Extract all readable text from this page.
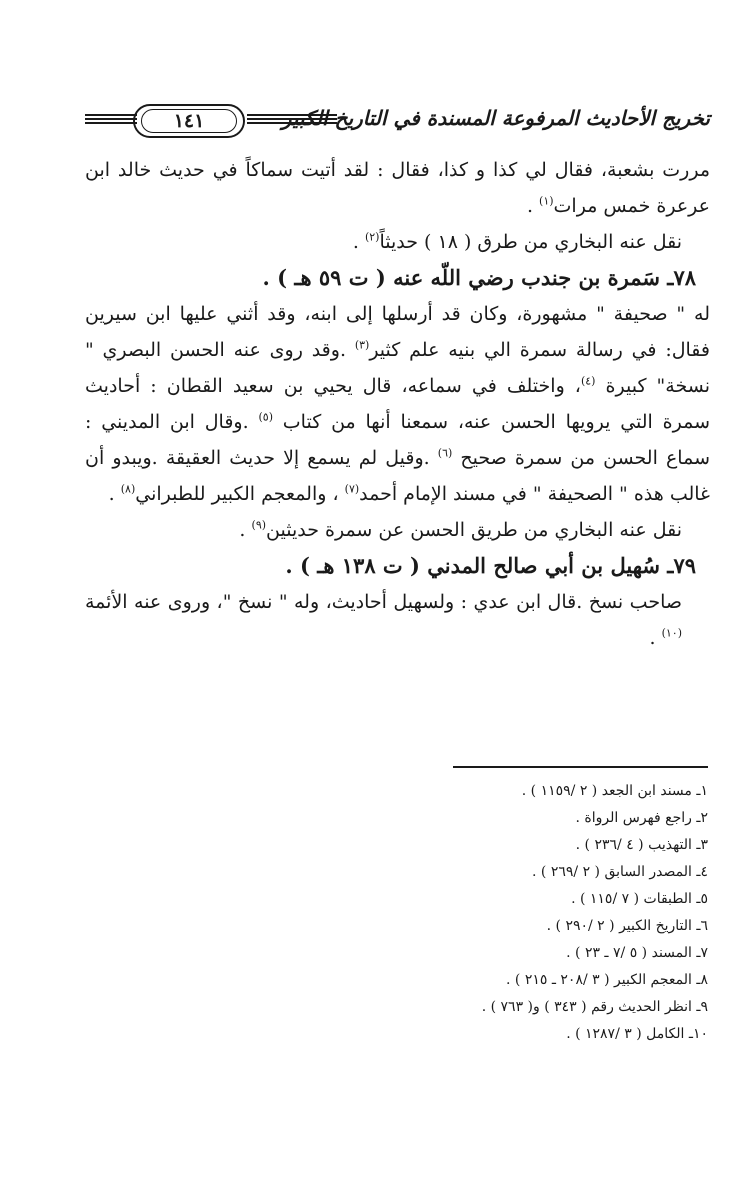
١٤١	تخريج الأحاديث المرفوعة المسندة في التاريخ الكبير

مررت بشعبة، فقال لي كذا و كذا، فقال : لقد أتيت سماكاً في حديث خالد ابن عرعرة خمس مرات$^{(١)}$ .

نقل عنه البخاري من طرق ( ١٨ ) حديثاً$^{(٢)}$ .

٧٨ـ سَمرة بن جندب رضي اللّه عنه ( ت ٥٩ هـ ) .

له " صحيفة " مشهورة، وكان قد أرسلها إلى ابنه، وقد أثني عليها ابن سيرين فقال: في رسالة سمرة الي بنيه علم كثير$^{(٣)}$ .وقد روى عنه الحسن البصري " نسخة" كبيرة $^{(٤)}$، واختلف في سماعه، قال يحيي بن سعيد القطان : أحاديث سمرة التي يرويها الحسن عنه، سمعنا أنها من كتاب $^{(٥)}$ .وقال ابن المديني : سماع الحسن من سمرة صحيح $^{(٦)}$ .وقيل لم يسمع إلا حديث العقيقة .ويبدو أن غالب هذه " الصحيفة " في مسند الإمام أحمد$^{(٧)}$ ، والمعجم الكبير للطبراني$^{(٨)}$ .

نقل عنه البخاري من طريق الحسن عن سمرة حديثين$^{(٩)}$ .

٧٩ـ سُهيل بن أبي صالح المدني ( ت ١٣٨ هـ ) .

صاحب نسخ .قال ابن عدي : ولسهيل أحاديث، وله " نسخ "، وروى عنه الأئمة $^{(١٠)}$ .

١ـ مسند ابن الجعد ( ٢ /١١٥٩ ) .
٢ـ راجع فهرس الرواة .
٣ـ التهذيب ( ٤ /٢٣٦ ) .
٤ـ المصدر السابق ( ٢ /٢٦٩ ) .
٥ـ الطبقات ( ٧ /١١٥ ) .
٦ـ التاريخ الكبير ( ٢ /٢٩٠ ) .
٧ـ المسند ( ٥ /٧ ـ ٢٣ ) .
٨ـ المعجم الكبير ( ٣ /٢٠٨ ـ ٢١٥ ) .
٩ـ انظر الحديث رقم ( ٣٤٣ ) و( ٧٦٣ ) .
١٠ـ الكامل ( ٣ /١٢٨٧ ) .
